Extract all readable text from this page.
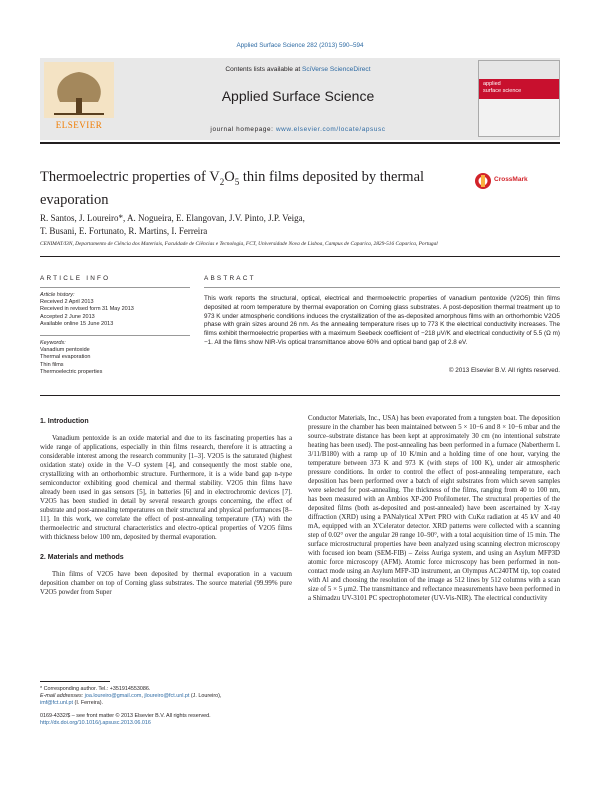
Applied Surface Science 282 (2013) 590–594
ELSEVIER
Contents lists available at SciVerse ScienceDirect
Applied Surface Science
journal homepage: www.elsevier.com/locate/apsusc
applied
surface science
Thermoelectric properties of $V_2O_5$ thin films deposited by thermal evaporation
CrossMark
R. Santos, J. Loureiro*, A. Nogueira, E. Elangovan, J.V. Pinto, J.P. Veiga,
T. Busani, E. Fortunato, R. Martins, I. Ferreira
CENIMAT/I3N, Departamento de Ciência dos Materiais, Faculdade de Ciências e Tecnologia, FCT, Universidade Nova de Lisboa, Campus de Caparica, 2829-516 Caparica, Portugal
ARTICLE INFO
Article history:
Received 2 April 2013
Received in revised form 31 May 2013
Accepted 2 June 2013
Available online 15 June 2013
Keywords:
Vanadium pentoxide
Thermal evaporation
Thin films
Thermoelectric properties
ABSTRACT
This work reports the structural, optical, electrical and thermoelectric properties of vanadium pentoxide (V2O5) thin films deposited at room temperature by thermal evaporation on Corning glass substrates. A post-deposition thermal treatment up to 973 K under atmospheric conditions induces the crystallization of the as-deposited amorphous films with an orthorhombic V2O5 phase with grain sizes around 26 nm. As the annealing temperature rises up to 773 K the electrical conductivity increases. The films exhibit thermoelectric properties with a maximum Seebeck coefficient of −218 μV/K and electrical conductivity of 5.5 (Ω m)−1. All the films show NIR-Vis optical transmittance above 60% and optical band gap of 2.8 eV.
© 2013 Elsevier B.V. All rights reserved.
1. Introduction
Vanadium pentoxide is an oxide material and due to its fascinating properties has a wide range of applications, especially in thin films research, therefore it is attracting a considerable interest among the research community [1–3]. V2O5 is the saturated (highest oxidation state) oxide in the V–O system [4], and consequently the most stable one, crystallizing with an orthorhombic structure. Furthermore, it is a wide band gap n-type semiconductor exhibiting good chemical and thermal stability. V2O5 thin films have already been used in gas sensors [5], in batteries [6] and in electrochromic devices [7]. V2O5 has been studied in detail by several research groups concerning, the effect of substrate and post-annealing temperatures on their structural and physical performances [8–11]. In this work, we correlate the effect of post-annealing temperature (TA) with the thermoelectric and structural characteristics and electro-optical properties of V2O5 films with thickness below 100 nm, deposited by thermal evaporation.
2. Materials and methods
Thin films of V2O5 have been deposited by thermal evaporation in a vacuum deposition chamber on top of Corning glass substrates. The source material (99.99% pure V2O5 powder from Super
Conductor Materials, Inc., USA) has been evaporated from a tungsten boat. The deposition pressure in the chamber has been maintained between 5 × 10−6 and 8 × 10−6 mbar and the source–substrate distance has been kept at approximately 30 cm (no intentional substrate heating has been used). The post-annealing has been performed in a furnace (Nabertherm L 3/11/B180) with a ramp up of 10 K/min and a holding time of one hour, varying the temperature between 373 K and 973 K (with steps of 100 K), under air atmospheric pressure conditions. In order to control the effect of post-annealing temperature, each deposition has been performed over a batch of eight substrates from which seven samples were selected for post-annealing. The thickness of the films, ranging from 40 to 100 nm, has been measured with an Ambios XP-200 Profilometer. The structural properties of the deposited films (both as-deposited and post-annealed) have been ascertained by X-ray diffraction (XRD) using a PANalytical X'Pert PRO with CuKα radiation at 45 kV and 40 mA, equipped with an X'Celerator detector. XRD patterns were collected with a scanning step of 0.02° over the angular 2θ range 10–90°, with a total acquisition time of 15 min. The surface microstructural properties have been analyzed using scanning electron microscopy with focused ion beam (SEM-FIB) – Zeiss Auriga system, and using an Asylum MFP3D atomic force microscopy (AFM). Atomic force microscopy has been performed in non-contact mode using an Asylum MFP-3D instrument, an Olympus AC240TM tip, top coated with Al and choosing the resolution of the image as 512 lines by 512 columns with a scan size of 5 × 5 μm2. The transmittance and reflectance measurements have been performed in a Shimadzu UV-3101 PC spectrophotometer (UV-Vis-NIR). The electrical conductivity
* Corresponding author. Tel.: +351914553086.
E-mail addresses: joa.loureiro@gmail.com, jloureiro@fct.unl.pt (J. Loureiro),
imf@fct.unl.pt (I. Ferreira).
0169-4332/$ – see front matter © 2013 Elsevier B.V. All rights reserved.
http://dx.doi.org/10.1016/j.apsusc.2013.06.016
